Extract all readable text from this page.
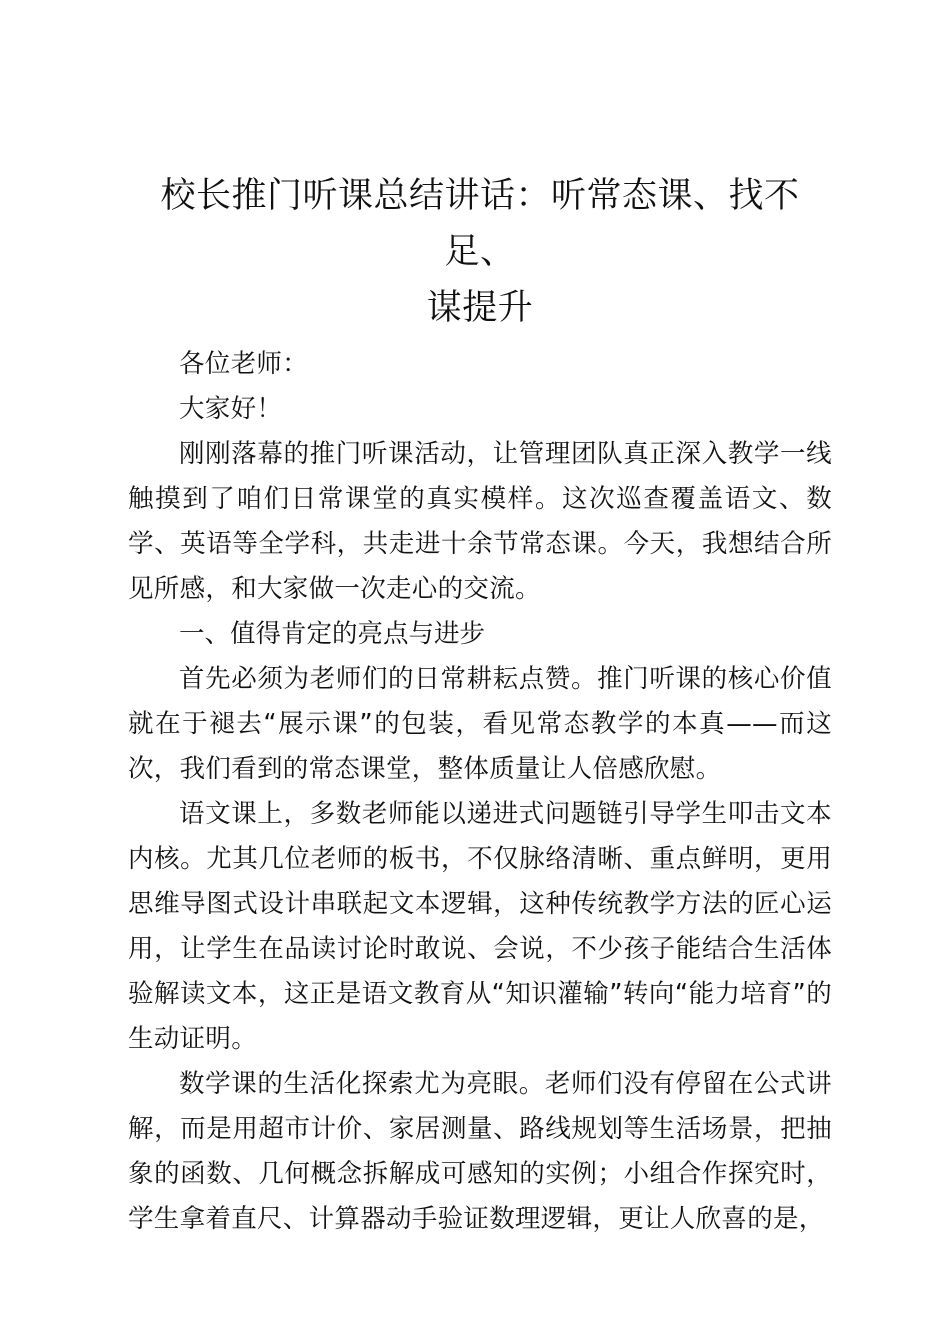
校长推门听课总结讲话：听常态课、找不足、
谋提升

各位老师：

大家好！

刚刚落幕的推门听课活动，让管理团队真正深入教学一线触摸到了咱们日常课堂的真实模样。这次巡查覆盖语文、数学、英语等全学科，共走进十余节常态课。今天，我想结合所见所感，和大家做一次走心的交流。

一、值得肯定的亮点与进步

首先必须为老师们的日常耕耘点赞。推门听课的核心价值就在于褪去“展示课”的包装，看见常态教学的本真——而这次，我们看到的常态课堂，整体质量让人倍感欣慰。

语文课上，多数老师能以递进式问题链引导学生叩击文本内核。尤其几位老师的板书，不仅脉络清晰、重点鲜明，更用思维导图式设计串联起文本逻辑，这种传统教学方法的匠心运用，让学生在品读讨论时敢说、会说，不少孩子能结合生活体验解读文本，这正是语文教育从“知识灌输”转向“能力培育”的生动证明。

数学课的生活化探索尤为亮眼。老师们没有停留在公式讲解，而是用超市计价、家居测量、路线规划等生活场景，把抽象的函数、几何概念拆解成可感知的实例；小组合作探究时，学生拿着直尺、计算器动手验证数理逻辑，更让人欣喜的是，
